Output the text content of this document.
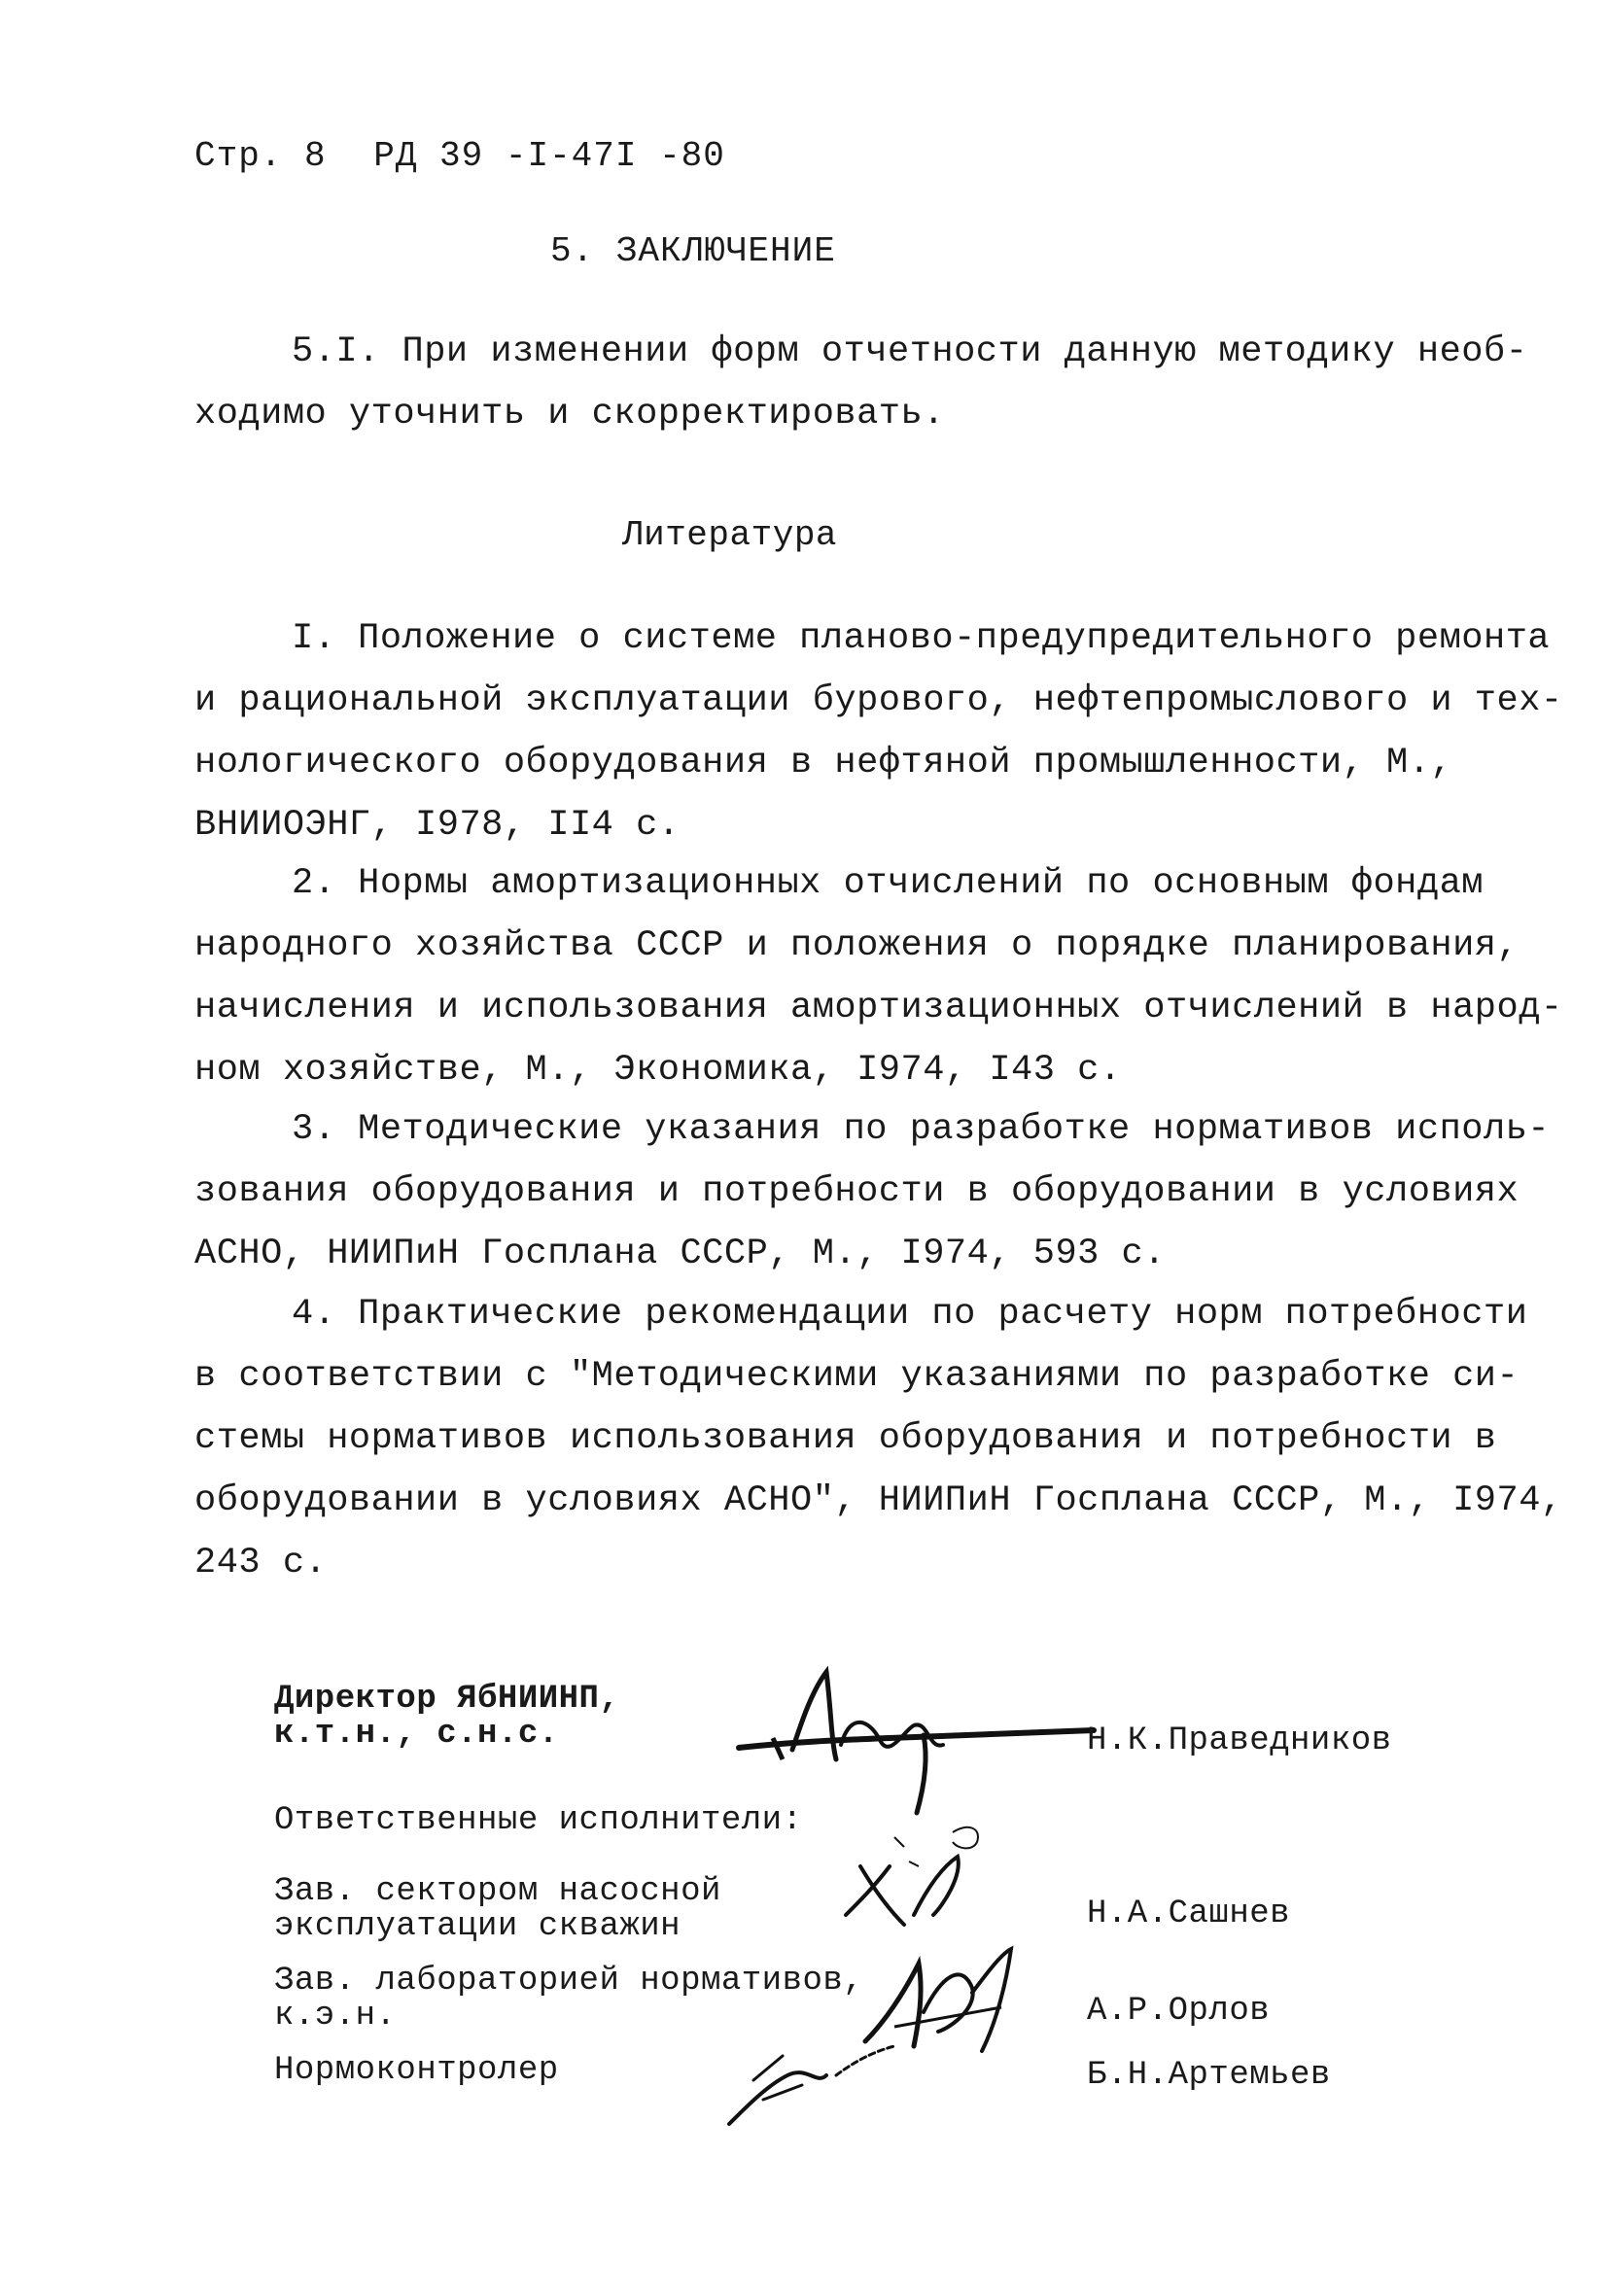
Стр. 8 РД 39 -I-47I -80
5. ЗАКЛЮЧЕНИЕ
5.I. При изменении форм отчетности данную методику необ-
ходимо уточнить и скорректировать.
Литература
I. Положение о системе планово-предупредительного ремонта
и рациональной эксплуатации бурового, нефтепромыслового и тех-
нологического оборудования в нефтяной промышленности, М.,
ВНИИОЭНГ, I978, II4 с.
2. Нормы амортизационных отчислений по основным фондам
народного хозяйства СССР и положения о порядке планирования,
начисления и использования амортизационных отчислений в народ-
ном хозяйстве, М., Экономика, I974, I43 с.
3. Методические указания по разработке нормативов исполь-
зования оборудования и потребности в оборудовании в условиях
АСНО, НИИПиН Госплана СССР, М., I974, 593 с.
4. Практические рекомендации по расчету норм потребности
в соответствии с "Методическими указаниями по разработке си-
стемы нормативов использования оборудования и потребности в
оборудовании в условиях АСНО", НИИПиН Госплана СССР, М., I974,
243 с.
Директор ЯбНИИНП,
к.т.н., с.н.с.	Н.К.Праведников
Ответственные исполнители:
Зав. сектором насосной
эксплуатации скважин	Н.А.Сашнев
Зав. лабораторией нормативов,
к.э.н.	А.Р.Орлов
Нормоконтролер	Б.Н.Артемьев
